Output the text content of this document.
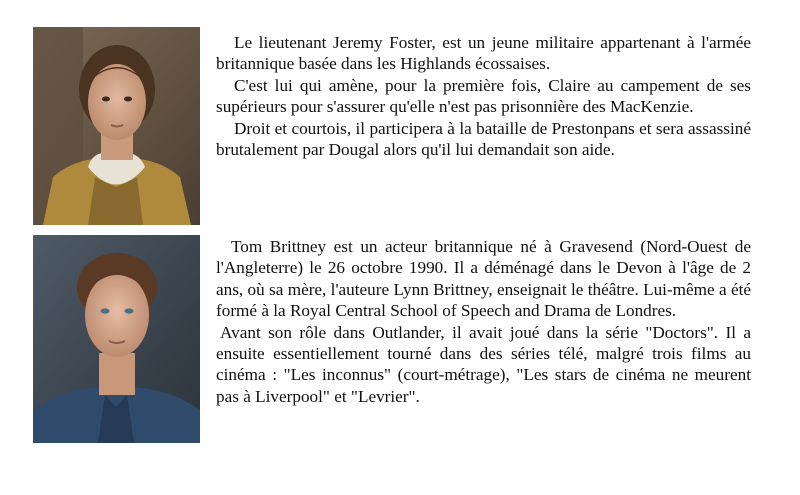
Le lieutenant Jeremy Foster, est un jeune militaire appartenant à l'armée britannique basée dans les Highlands écossaises.

C'est lui qui amène, pour la première fois, Claire au campement de ses supérieurs pour s'assurer qu'elle n'est pas prisonnière des MacKenzie.

Droit et courtois, il participera à la bataille de Prestonpans et sera assassiné brutalement par Dougal alors qu'il lui demandait son aide.

Tom Brittney est un acteur britannique né à Gravesend (Nord-Ouest de l'Angleterre) le 26 octobre 1990. Il a déménagé dans le Devon à l'âge de 2 ans, où sa mère, l'auteure Lynn Brittney, enseignait le théâtre. Lui-même a été formé à la Royal Central School of Speech and Drama de Londres.

Avant son rôle dans Outlander, il avait joué dans la série "Doctors". Il a ensuite essentiellement tourné dans des séries télé, malgré trois films au cinéma : "Les inconnus" (court-métrage), "Les stars de cinéma ne meurent pas à Liverpool" et "Levrier".
